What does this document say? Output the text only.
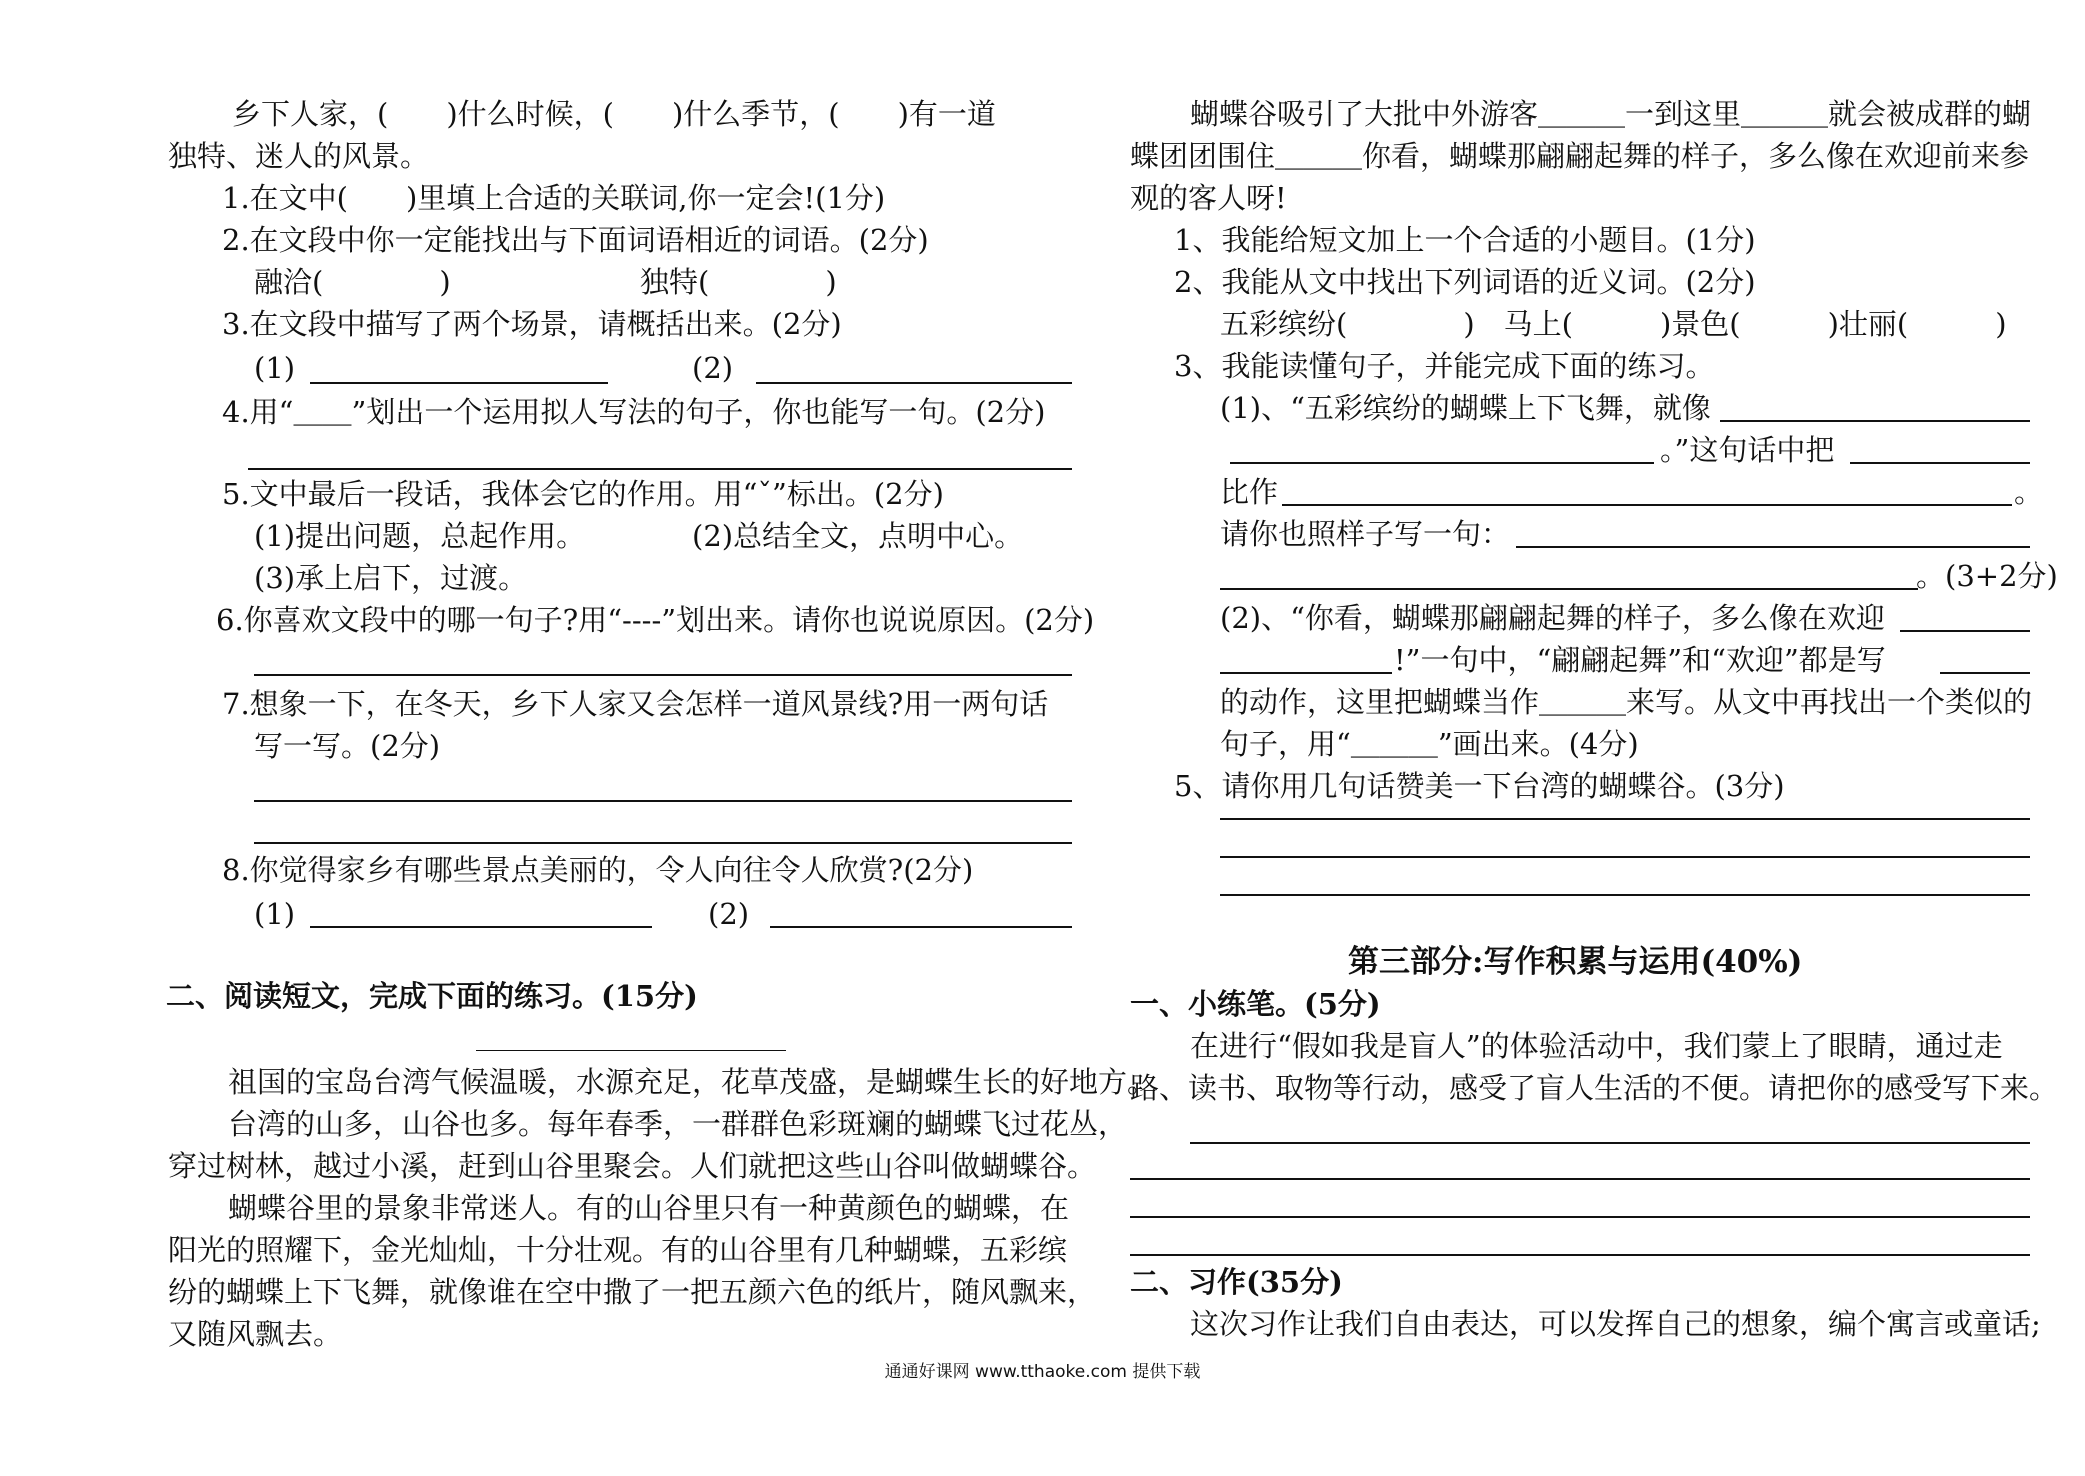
乡下人家，(　　)什么时候，(　　)什么季节，(　　)有一道
独特、迷人的风景。
1.在文中(　　)里填上合适的关联词,你一定会!(1分)
2.在文段中你一定能找出与下面词语相近的词语。(2分)
融洽(　　　　)	独特(　　　　)
3.在文段中描写了两个场景，请概括出来。(2分)
(1)	(2)
4.用“＿＿”划出一个运用拟人写法的句子，你也能写一句。(2分)
5.文中最后一段话，我体会它的作用。用“ˇ”标出。(2分)
(1)提出问题，总起作用。	(2)总结全文，点明中心。
(3)承上启下，过渡。
6.你喜欢文段中的哪一句子?用“----”划出来。请你也说说原因。(2分)
7.想象一下，在冬天，乡下人家又会怎样一道风景线?用一两句话
写一写。(2分)
8.你觉得家乡有哪些景点美丽的，令人向往令人欣赏?(2分)
(1)	(2)
二、阅读短文，完成下面的练习。(15分)
祖国的宝岛台湾气候温暖，水源充足，花草茂盛，是蝴蝶生长的好地方。
台湾的山多，山谷也多。每年春季，一群群色彩斑斓的蝴蝶飞过花丛，
穿过树林，越过小溪，赶到山谷里聚会。人们就把这些山谷叫做蝴蝶谷。
蝴蝶谷里的景象非常迷人。有的山谷里只有一种黄颜色的蝴蝶，在
阳光的照耀下，金光灿灿，十分壮观。有的山谷里有几种蝴蝶，五彩缤
纷的蝴蝶上下飞舞，就像谁在空中撒了一把五颜六色的纸片，随风飘来，
又随风飘去。
蝴蝶谷吸引了大批中外游客＿＿＿一到这里＿＿＿就会被成群的蝴
蝶团团围住＿＿＿你看，蝴蝶那翩翩起舞的样子，多么像在欢迎前来参
观的客人呀!
1、我能给短文加上一个合适的小题目。(1分)
2、我能从文中找出下列词语的近义词。(2分)
五彩缤纷(　　　　)　马上(　　　)景色(　　　)壮丽(　　　)
3、我能读懂句子，并能完成下面的练习。
(1)、“五彩缤纷的蝴蝶上下飞舞，就像
。”这句话中把
比作	。
请你也照样子写一句：
。(3+2分)
(2)、“你看，蝴蝶那翩翩起舞的样子，多么像在欢迎
!”一句中，“翩翩起舞”和“欢迎”都是写
的动作，这里把蝴蝶当作＿＿＿来写。从文中再找出一个类似的
句子，用“＿＿＿”画出来。(4分)
5、请你用几句话赞美一下台湾的蝴蝶谷。(3分)
第三部分:写作积累与运用(40%)
一、小练笔。(5分)
在进行“假如我是盲人”的体验活动中，我们蒙上了眼睛，通过走
路、读书、取物等行动，感受了盲人生活的不便。请把你的感受写下来。
二、习作(35分)
这次习作让我们自由表达，可以发挥自己的想象，编个寓言或童话;
通通好课网 www.tthaoke.com 提供下载
